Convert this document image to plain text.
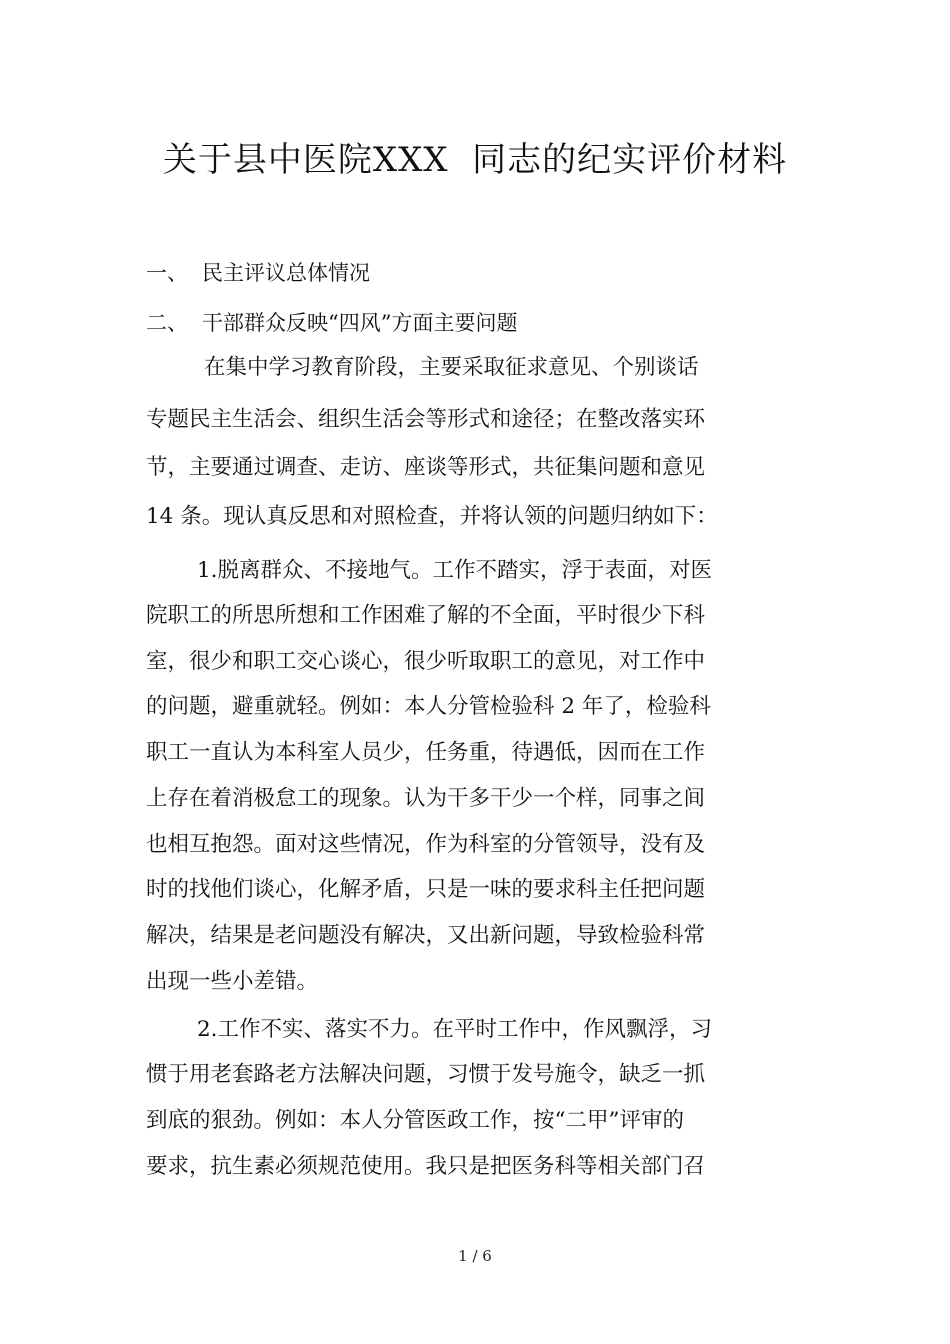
关于县中医院XXX  同志的纪实评价材料
一、 民主评议总体情况
二、 干部群众反映“四风”方面主要问题
在集中学习教育阶段，主要采取征求意见、个别谈话
专题民主生活会、组织生活会等形式和途径；在整改落实环
节，主要通过调查、走访、座谈等形式，共征集问题和意见
14 条。现认真反思和对照检查，并将认领的问题归纳如下：
1.脱离群众、不接地气。工作不踏实，浮于表面，对医
院职工的所思所想和工作困难了解的不全面，平时很少下科
室，很少和职工交心谈心，很少听取职工的意见，对工作中
的问题，避重就轻。例如：本人分管检验科 2 年了，检验科
职工一直认为本科室人员少，任务重，待遇低，因而在工作
上存在着消极怠工的现象。认为干多干少一个样，同事之间
也相互抱怨。面对这些情况，作为科室的分管领导，没有及
时的找他们谈心，化解矛盾，只是一味的要求科主任把问题
解决，结果是老问题没有解决，又出新问题，导致检验科常
出现一些小差错。
2.工作不实、落实不力。在平时工作中，作风飘浮，习
惯于用老套路老方法解决问题，习惯于发号施令，缺乏一抓
到底的狠劲。例如：本人分管医政工作，按“二甲”评审的
要求，抗生素必须规范使用。我只是把医务科等相关部门召
1 / 6
